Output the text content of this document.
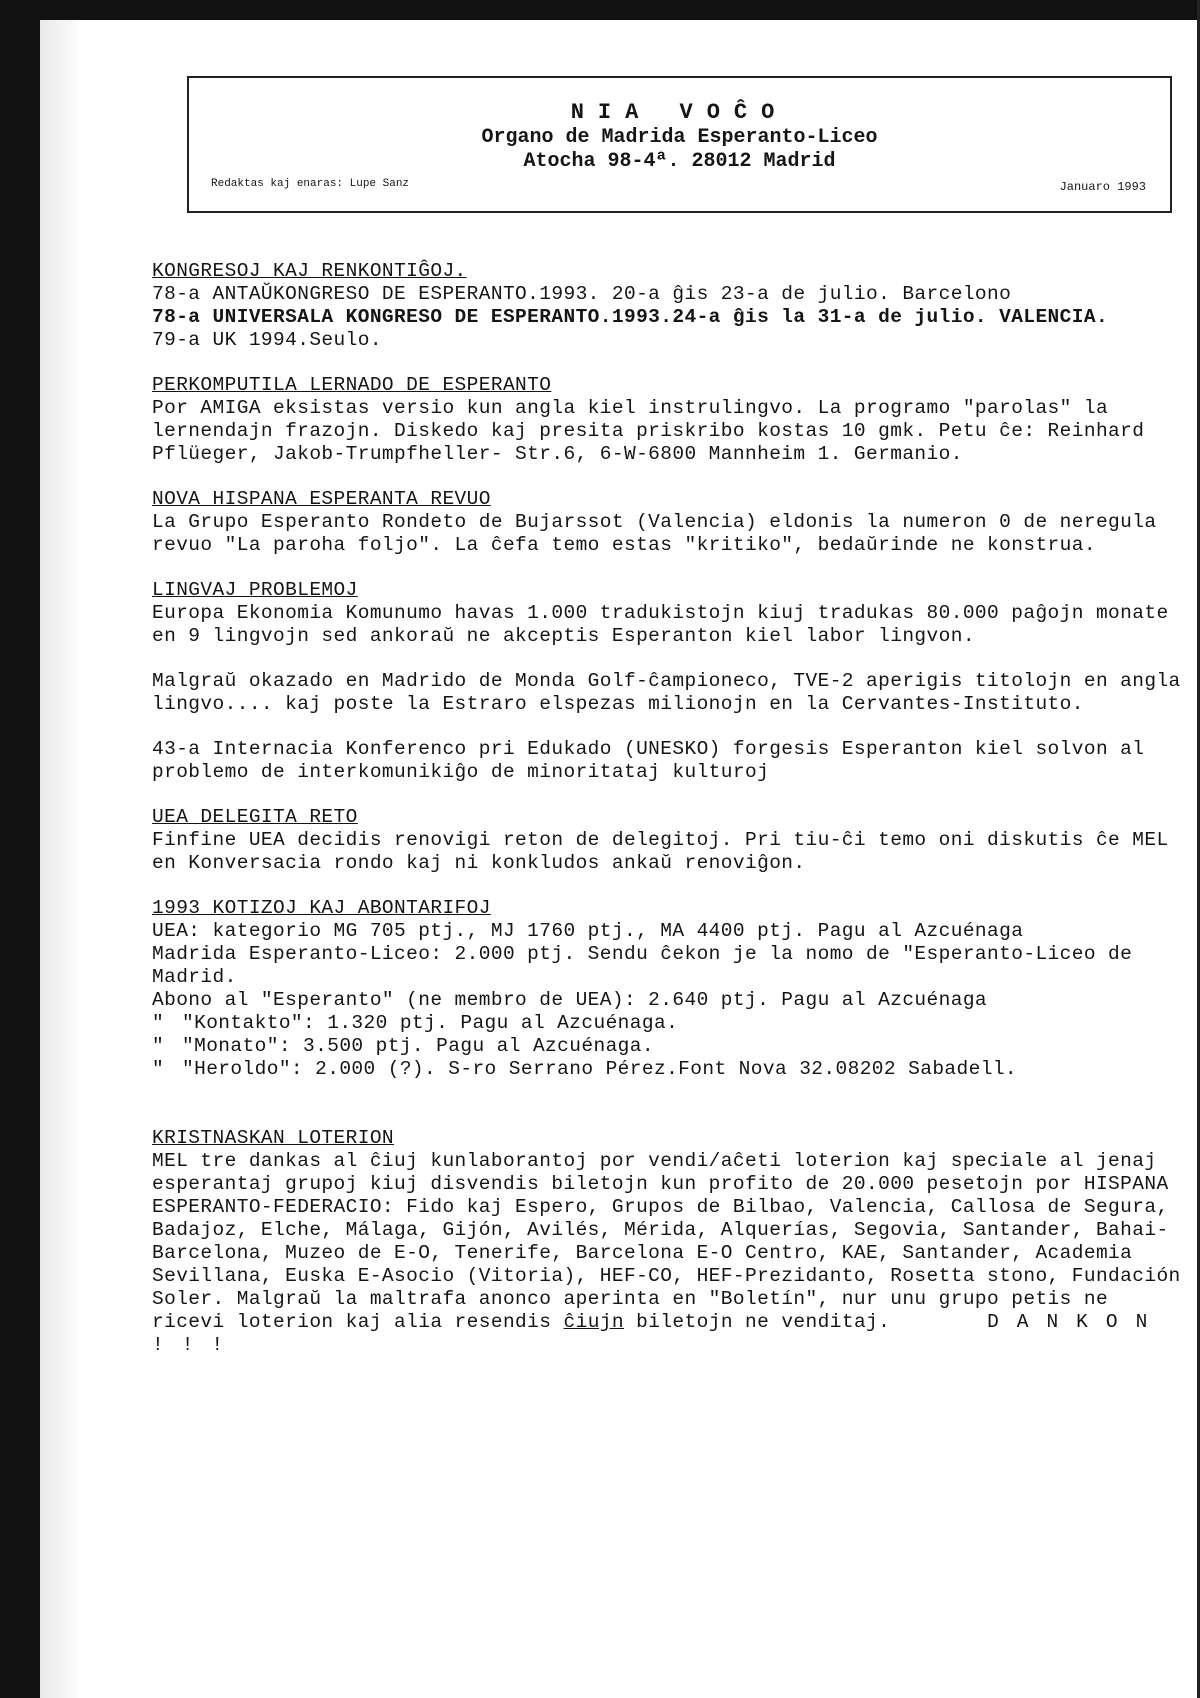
NIA VOĈO
Organo de Madrida Esperanto-Liceo
Atocha 98-4ª. 28012 Madrid
Redaktas kaj enaras: Lupe Sanz	Januaro 1993

KONGRESOJ KAJ RENKONTIĜOJ.

78-a ANTAŬKONGRESO DE ESPERANTO.1993. 20-a ĝis 23-a de julio. Barcelono

78-a UNIVERSALA KONGRESO DE ESPERANTO.1993.24-a ĝis la 31-a de julio. VALENCIA.

79-a UK 1994.Seulo.

PERKOMPUTILA LERNADO DE ESPERANTO

Por AMIGA eksistas versio kun angla kiel instrulingvo. La programo "parolas" la lernendajn frazojn. Diskedo kaj presita priskribo kostas 10 gmk. Petu ĉe: Reinhard Pflüeger, Jakob-Trumpfheller- Str.6, 6-W-6800 Mannheim 1. Germanio.

NOVA HISPANA ESPERANTA REVUO

La Grupo Esperanto Rondeto de Bujarssot (Valencia) eldonis la numeron 0 de neregula revuo "La paroha foljo". La ĉefa temo estas "kritiko", bedaŭrinde ne konstrua.

LINGVAJ PROBLEMOJ

Europa Ekonomia Komunumo havas 1.000 tradukistojn kiuj tradukas 80.000 paĝojn monate en 9 lingvojn sed ankoraŭ ne akceptis Esperanton kiel labor lingvon.

Malgraŭ okazado en Madrido de Monda Golf-ĉampioneco, TVE-2 aperigis titolojn en angla lingvo.... kaj poste la Estraro elspezas milionojn en la Cervantes-Instituto.

43-a Internacia Konferenco pri Edukado (UNESKO) forgesis Esperanton kiel solvon al problemo de interkomunikiĝo de minoritataj kulturoj

UEA DELEGITA RETO

Finfine UEA decidis renovigi reton de delegitoj. Pri tiu-ĉi temo oni diskutis ĉe MEL en Konversacia rondo kaj ni konkludos ankaŭ renoviĝon.

1993 KOTIZOJ KAJ ABONTARIFOJ

UEA: kategorio MG 705 ptj., MJ 1760 ptj., MA 4400 ptj. Pagu al Azcuénaga

Madrida Esperanto-Liceo: 2.000 ptj. Sendu ĉekon je la nomo de "Esperanto-Liceo de Madrid.

Abono al "Esperanto" (ne membro de UEA): 2.640 ptj. Pagu al Azcuénaga

" "Kontakto": 1.320 ptj. Pagu al Azcuénaga.

" "Monato": 3.500 ptj. Pagu al Azcuénaga.

" "Heroldo": 2.000 (?). S-ro Serrano Pérez.Font Nova 32.08202 Sabadell.

KRISTNASKAN LOTERION

MEL tre dankas al ĉiuj kunlaborantoj por vendi/aĉeti loterion kaj speciale al jenaj esperantaj grupoj kiuj disvendis biletojn kun profito de 20.000 pesetojn por HISPANA ESPERANTO-FEDERACIO: Fido kaj Espero, Grupos de Bilbao, Valencia, Callosa de Segura, Badajoz, Elche, Málaga, Gijón, Avilés, Mérida, Alquerías, Segovia, Santander, Bahai-Barcelona, Muzeo de E-O, Tenerife, Barcelona E-O Centro, KAE, Santander, Academia Sevillana, Euska E-Asocio (Vitoria), HEF-CO, HEF-Prezidanto, Rosetta stono, Fundación Soler. Malgraŭ la maltrafa anonco aperinta en "Boletín", nur unu grupo petis ne ricevi loterion kaj alia resendis ĉiujn biletojn ne venditaj.	DANKON !!!
